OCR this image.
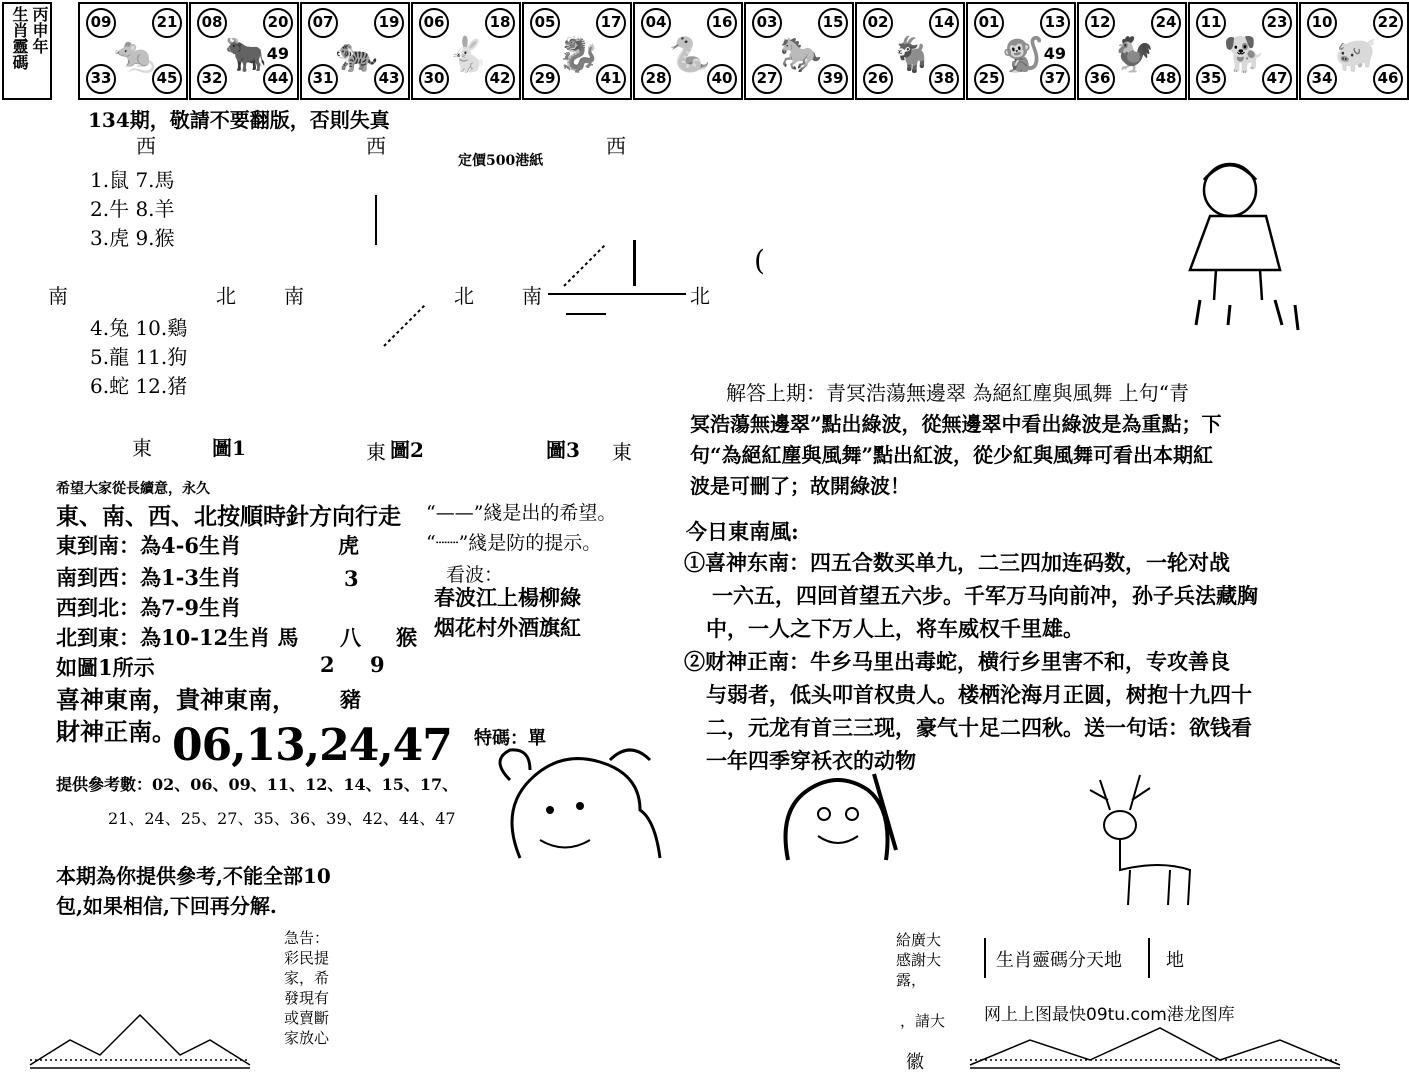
生肖靈碼 丙申年	09	21
33	45
🐀
08	20
32	44
49
🐂
07	19
31	43
🐅
06	18
30	42
🐇
05	17
29	41
🐉
04	16
28	40
🐍
03	15
27	39
🐎
02	14
26	38
🐐
01	13
25	37
49
🐒
12	24
36	48
🐓
11	23
35	47
🐕
10	22
34	46
🐖
134期，敬請不要翻版，否則失真
定價500港紙
西
南	北
東	圖1
1.鼠 7.馬
2.牛 8.羊
3.虎 9.猴
4.兔 10.鷄
5.龍 11.狗
6.蛇 12.猪
西
南	北
東 圖2
西
南	北
東
圖3
希望大家從長續意，永久
東、南、西、北按順時針方向行走
東到南：為4-6生肖	虎
南到西：為1-3生肖	3
西到北：為7-9生肖
北到東：為10-12生肖 馬 八 猴
如圖1所示	2 9
喜神東南，貴神東南， 豬
財神正南。
06,13,24,47
提供參考數：02、06、09、11、12、14、15、17、
21、24、25、27、35、36、39、42、44、47
本期為你提供參考,不能全部10
包,如果相信,下回再分解.
“——”綫是出的希望。
“┈┈”綫是防的提示。
看波：
春波江上楊柳綠
烟花村外酒旗紅
特碼：單
(
解答上期：青冥浩蕩無邊翠 為絕紅塵與風舞 上句“青
冥浩蕩無邊翠”點出綠波，從無邊翠中看出綠波是為重點；下
句“為絕紅塵與風舞”點出紅波，從少紅與風舞可看出本期紅
波是可刪了；故開綠波！
今日東南風:
①喜神东南：四五合数买单九，二三四加连码数，一轮对战
一六五，四回首望五六步。千军万马向前冲，孙子兵法藏胸
中，一人之下万人上，将车威权千里雄。
②财神正南：牛乡马里出毒蛇，横行乡里害不和，专攻善良
与弱者，低头叩首权贵人。楼栖沦海月正圆，树抱十九四十
二，元龙有首三三现，豪气十足二四秋。送一句话：欲钱看
一年四季穿袄衣的动物
急告：
彩民提
家，希
發現有
或賣斷
家放心
給廣大
感謝大
露，
，請大
徽
生肖靈碼分天地 地
网上上图最快09tu.com港龙图库
